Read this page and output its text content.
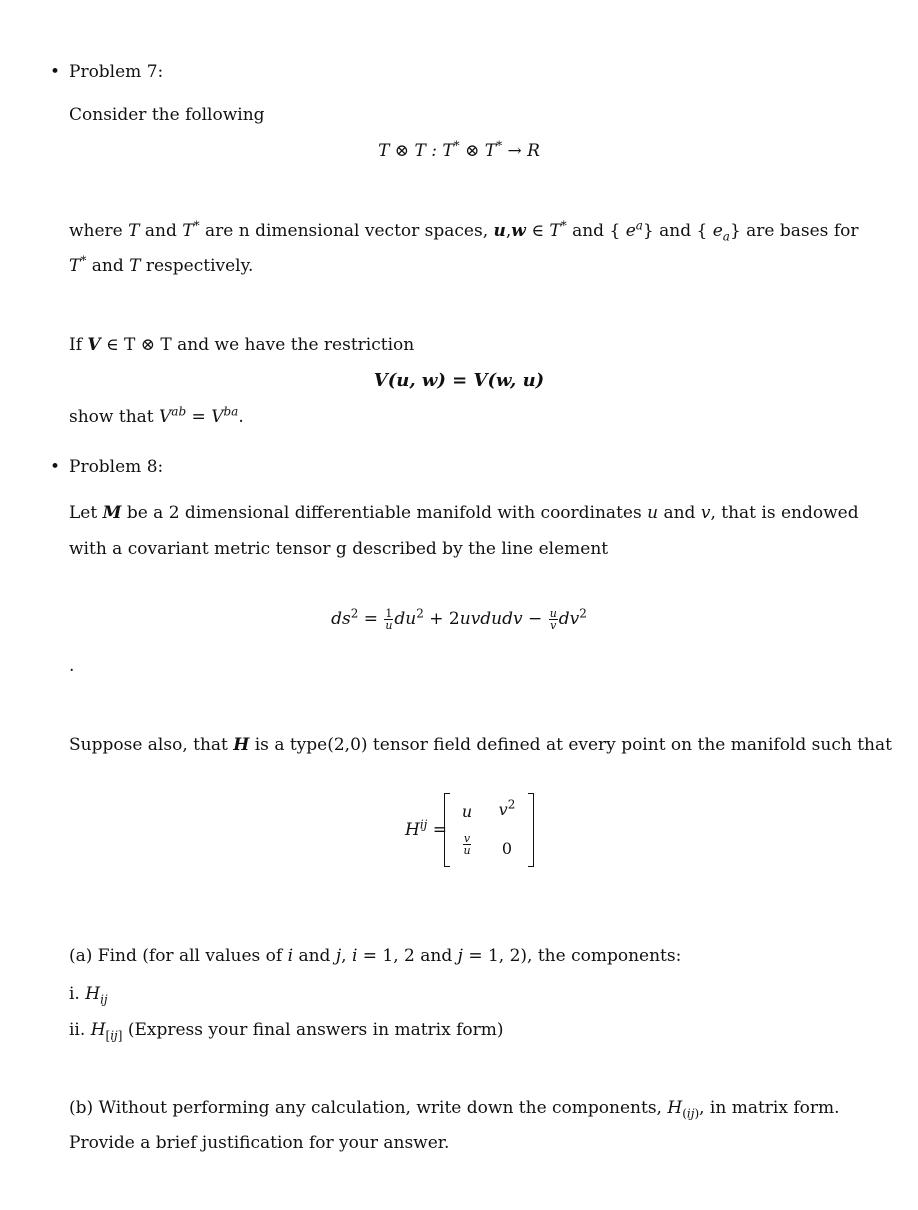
• Problem 7:
Consider the following
T ⊗ T : T* ⊗ T* → R
where T and T* are n dimensional vector spaces, u,w ∈ T* and { $e^a$} and { $e_a$} are bases for
T* and T respectively.
If V ∈ T ⊗ T and we have the restriction
V(u, w) = V(w, u)
show that $V^{ab} = V^{ba}$.
• Problem 8:
Let M be a 2 dimensional differentiable manifold with coordinates u and v, that is endowed
with a covariant metric tensor g described by the line element
$ds^2 = \frac{1}{u} du^2$ + 2uvdudv − $\frac{u}{v} dv^2$
.
Suppose also, that H is a type(2,0) tensor field defined at every point on the manifold such that
$H^{ij}$ =
u	$v^2$
$\frac{v}{u}$	0
(a) Find (for all values of i and j, i = 1, 2 and j = 1, 2), the components:
i. $H_{ij}$
ii. $H_{[ij]}$ (Express your final answers in matrix form)
(b) Without performing any calculation, write down the components, $H_{(ij)}$, in matrix form.
Provide a brief justification for your answer.
